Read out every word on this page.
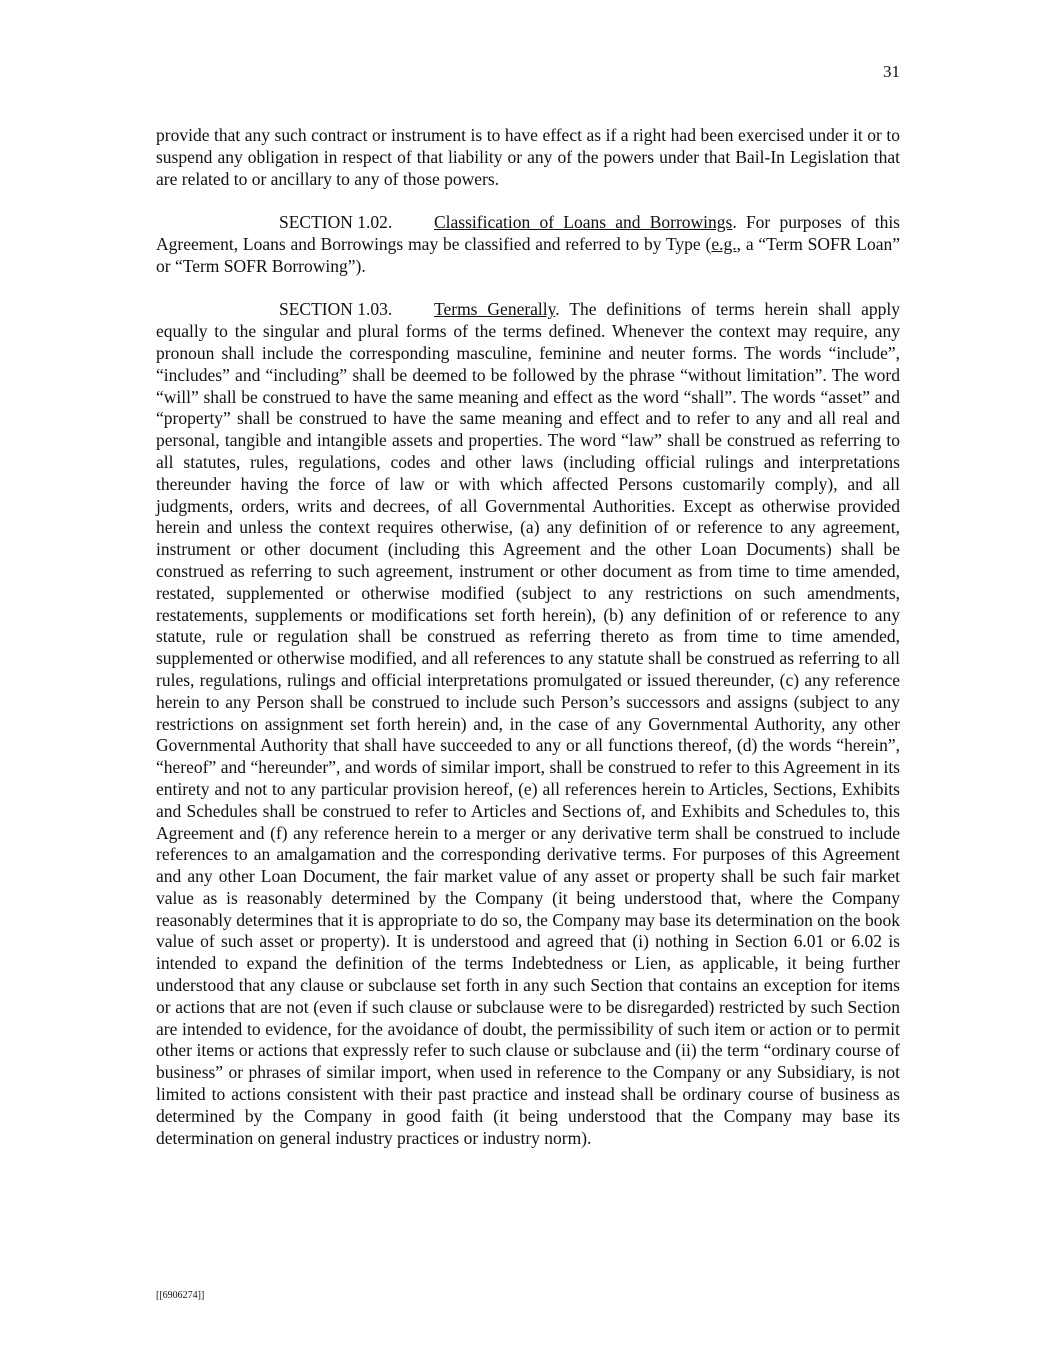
31

provide that any such contract or instrument is to have effect as if a right had been exercised under it or to suspend any obligation in respect of that liability or any of the powers under that Bail-In Legislation that are related to or ancillary to any of those powers.

SECTION 1.02. Classification of Loans and Borrowings. For purposes of this Agreement, Loans and Borrowings may be classified and referred to by Type (e.g., a “Term SOFR Loan” or “Term SOFR Borrowing”).

SECTION 1.03. Terms Generally. The definitions of terms herein shall apply equally to the singular and plural forms of the terms defined. Whenever the context may require, any pronoun shall include the corresponding masculine, feminine and neuter forms. The words “include”, “includes” and “including” shall be deemed to be followed by the phrase “without limitation”. The word “will” shall be construed to have the same meaning and effect as the word “shall”. The words “asset” and “property” shall be construed to have the same meaning and effect and to refer to any and all real and personal, tangible and intangible assets and properties. The word “law” shall be construed as referring to all statutes, rules, regulations, codes and other laws (including official rulings and interpretations thereunder having the force of law or with which affected Persons customarily comply), and all judgments, orders, writs and decrees, of all Governmental Authorities. Except as otherwise provided herein and unless the context requires otherwise, (a) any definition of or reference to any agreement, instrument or other document (including this Agreement and the other Loan Documents) shall be construed as referring to such agreement, instrument or other document as from time to time amended, restated, supplemented or otherwise modified (subject to any restrictions on such amendments, restatements, supplements or modifications set forth herein), (b) any definition of or reference to any statute, rule or regulation shall be construed as referring thereto as from time to time amended, supplemented or otherwise modified, and all references to any statute shall be construed as referring to all rules, regulations, rulings and official interpretations promulgated or issued thereunder, (c) any reference herein to any Person shall be construed to include such Person’s successors and assigns (subject to any restrictions on assignment set forth herein) and, in the case of any Governmental Authority, any other Governmental Authority that shall have succeeded to any or all functions thereof, (d) the words “herein”, “hereof” and “hereunder”, and words of similar import, shall be construed to refer to this Agreement in its entirety and not to any particular provision hereof, (e) all references herein to Articles, Sections, Exhibits and Schedules shall be construed to refer to Articles and Sections of, and Exhibits and Schedules to, this Agreement and (f) any reference herein to a merger or any derivative term shall be construed to include references to an amalgamation and the corresponding derivative terms. For purposes of this Agreement and any other Loan Document, the fair market value of any asset or property shall be such fair market value as is reasonably determined by the Company (it being understood that, where the Company reasonably determines that it is appropriate to do so, the Company may base its determination on the book value of such asset or property). It is understood and agreed that (i) nothing in Section 6.01 or 6.02 is intended to expand the definition of the terms Indebtedness or Lien, as applicable, it being further understood that any clause or subclause set forth in any such Section that contains an exception for items or actions that are not (even if such clause or subclause were to be disregarded) restricted by such Section are intended to evidence, for the avoidance of doubt, the permissibility of such item or action or to permit other items or actions that expressly refer to such clause or subclause and (ii) the term “ordinary course of business” or phrases of similar import, when used in reference to the Company or any Subsidiary, is not limited to actions consistent with their past practice and instead shall be ordinary course of business as determined by the Company in good faith (it being understood that the Company may base its determination on general industry practices or industry norm).

[[6906274]]
